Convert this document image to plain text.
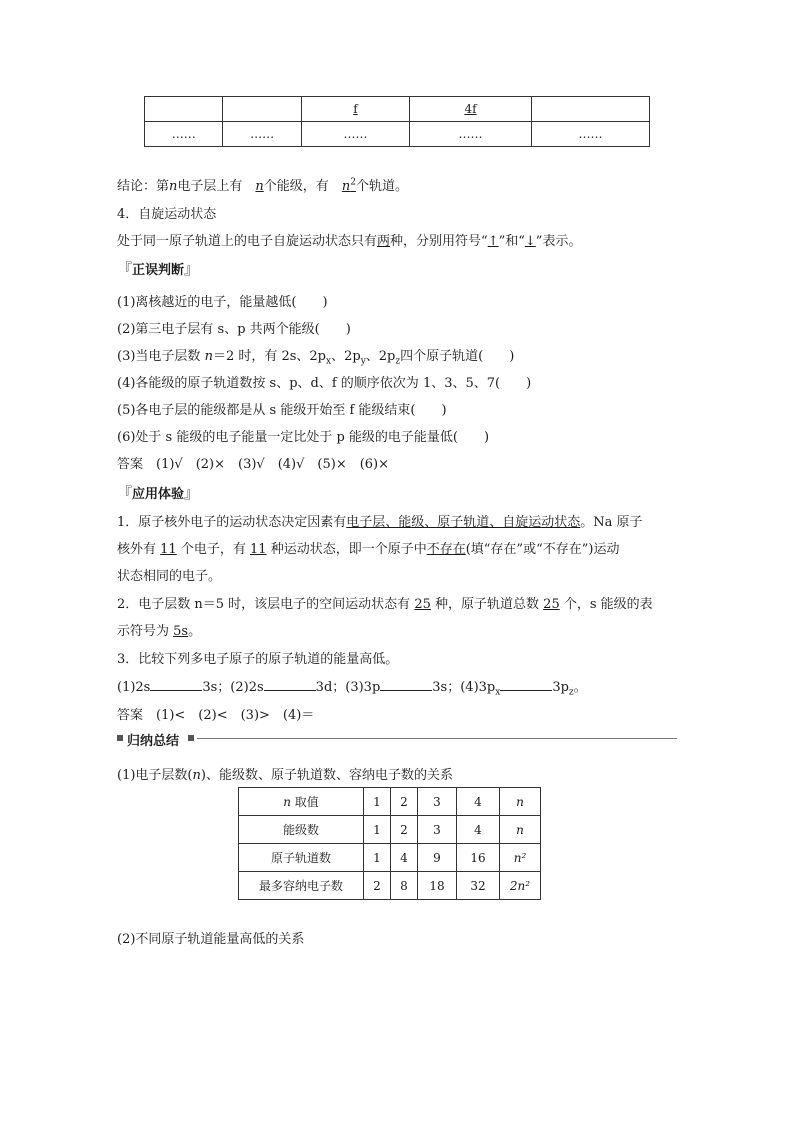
		f	4f	
……	……	……	……	……
结论：第n电子层上有　 n个能级，有　 $n^2$个轨道。
4．自旋运动状态
处于同一原子轨道上的电子自旋运动状态只有两种，分别用符号“↑”和“↓”表示。
『正误判断』
(1)离核越近的电子，能量越低(　　)
(2)第三电子层有 s、p 共两个能级(　　)
(3)当电子层数 n＝2 时，有 2s、$2p_x$、$2p_y$、$2p_z$四个原子轨道(　　)
(4)各能级的原子轨道数按 s、p、d、f 的顺序依次为 1、3、5、7(　　)
(5)各电子层的能级都是从 s 能级开始至 f 能级结束(　　)
(6)处于 s 能级的电子能量一定比处于 p 能级的电子能量低(　　)
答案　(1)√　(2)×　(3)√　(4)√　(5)×　(6)×
『应用体验』
1．原子核外电子的运动状态决定因素有电子层、能级、原子轨道、自旋运动状态。Na 原子
核外有 11 个电子，有 11 种运动状态，即一个原子中不存在(填“存在”或“不存在”)运动
状态相同的电子。
2．电子层数 n＝5 时，该层电子的空间运动状态有 25 种，原子轨道总数 25 个，s 能级的表
示符号为 5s。
3．比较下列多电子原子的原子轨道的能量高低。
(1)2s	3s；(2)2s	3d；(3)3p	3s；$(4)3p_x$	$3p_z$。
答案　(1)<　(2)<　(3)>　(4)＝
归纳总结
(1)电子层数(n)、能级数、原子轨道数、容纳电子数的关系
n 取值	1	2	3	4	n
能级数	1	2	3	4	n
原子轨道数	1	4	9	16	n²
最多容纳电子数	2	8	18	32	2n²
(2)不同原子轨道能量高低的关系
